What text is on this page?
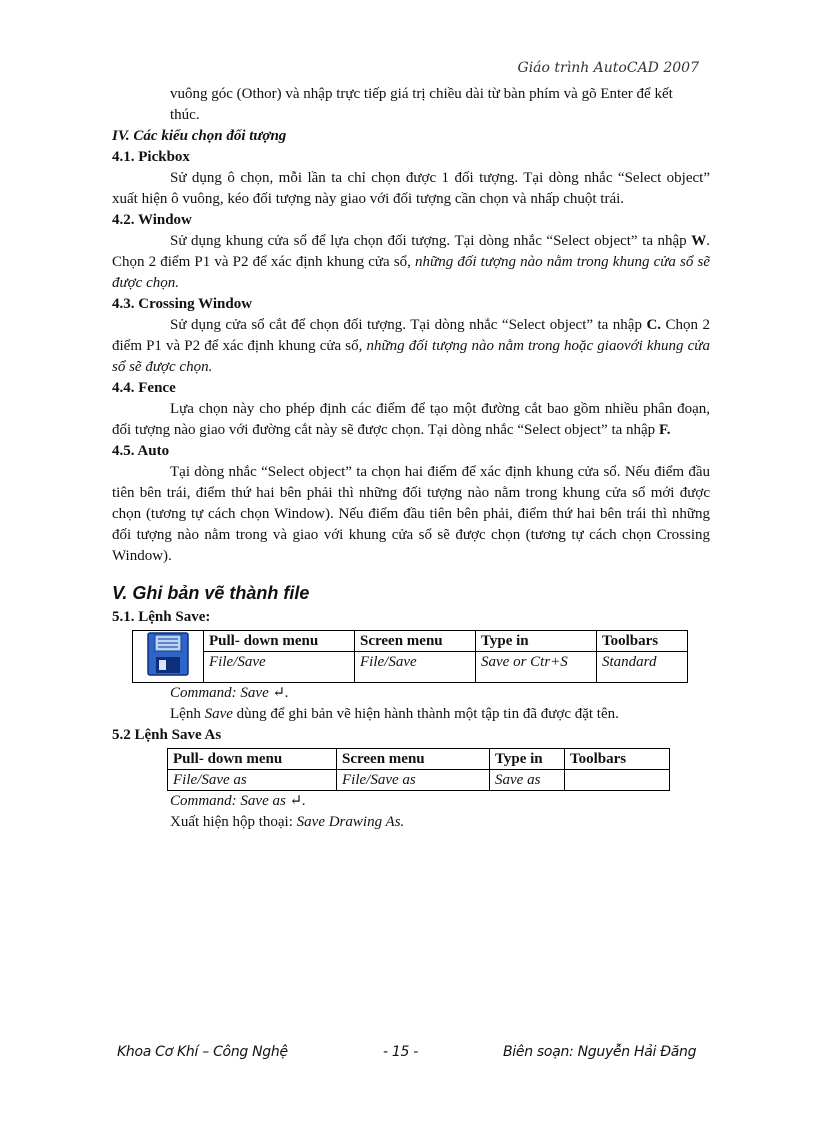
Giáo trình AutoCAD 2007

vuông góc (Othor) và nhập trực tiếp giá trị chiều dài từ bàn phím và gõ Enter để kết

thúc.

IV. Các kiểu chọn đối tượng

4.1. Pickbox

Sử dụng ô chọn, mỗi lần ta chỉ chọn được 1 đối tượng. Tại dòng nhắc “Select object” xuất hiện ô vuông, kéo đối tượng này giao với đối tượng cần chọn và nhấp chuột trái.

4.2. Window

Sử dụng khung cửa sổ để lựa chọn đối tượng. Tại dòng nhắc “Select object” ta nhập W. Chọn 2 điểm P1 và P2 để xác định khung cửa sổ, những đối tượng nào nằm trong khung cửa sổ sẽ được chọn.

4.3. Crossing Window

Sử dụng cửa sổ cắt để chọn đối tượng. Tại dòng nhắc “Select object” ta nhập C. Chọn 2 điểm P1 và P2 để xác định khung cửa sổ, những đối tượng nào nằm trong hoặc giaovới khung cửa sổ sẽ được chọn.

4.4. Fence

Lựa chọn này cho phép định các điểm để tạo một đường cắt bao gồm nhiều phân đoạn, đối tượng nào giao với đường cắt này sẽ được chọn. Tại dòng nhắc “Select object” ta nhập F.

4.5. Auto

Tại dòng nhắc “Select object” ta chọn hai điểm để xác định khung cửa sổ. Nếu điểm đầu tiên bên trái, điểm thứ hai bên phải thì những đối tượng nào nằm trong khung cửa sổ mới được chọn (tương tự cách chọn Window). Nếu điểm đầu tiên bên phải, điểm thứ hai bên trái thì những đối tượng nào nằm trong và giao với khung cửa sổ sẽ được chọn (tương tự cách chọn Crossing Window).

V. Ghi bản vẽ thành file

5.1. Lệnh Save:

	Pull- down menu	Screen menu	Type in	Toolbars
	File/Save	File/Save	Save or Ctr+S	Standard

Command: Save ↵.

Lệnh Save dùng để ghi bản vẽ hiện hành thành một tập tin đã được đặt tên.

5.2 Lệnh Save As

Pull- down menu	Screen menu	Type in	Toolbars
File/Save as	File/Save as	Save as	

Command: Save as ↵.

Xuất hiện hộp thoại: Save Drawing As.

Khoa Cơ Khí – Công Nghệ	- 15 -	Biên soạn: Nguyễn Hải Đăng
